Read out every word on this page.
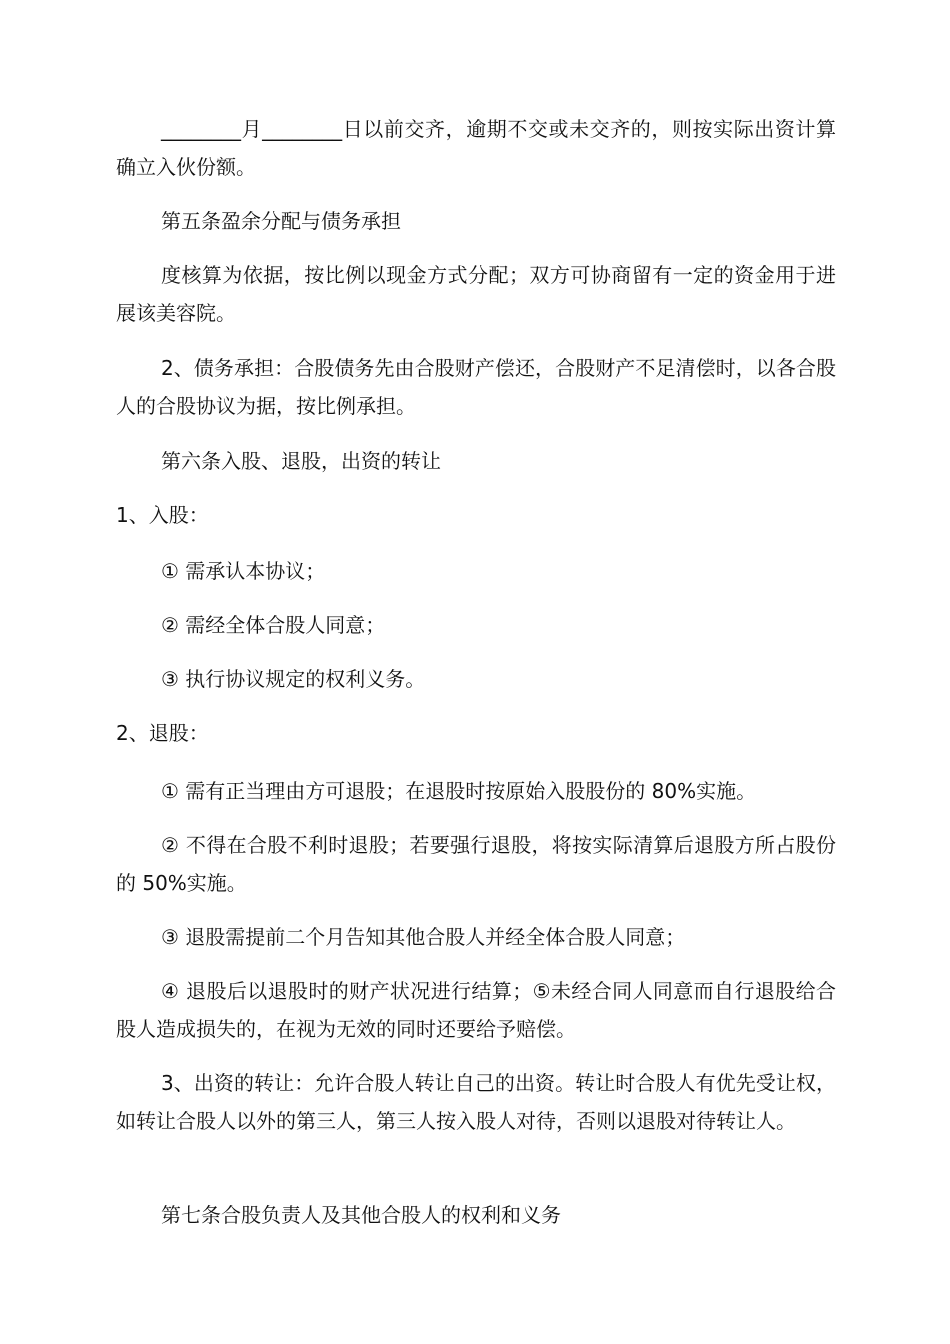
________月________日以前交齐，逾期不交或未交齐的，则按实际出资计算确立入伙份额。
第五条盈余分配与债务承担
度核算为依据，按比例以现金方式分配；双方可协商留有一定的资金用于进展该美容院。
2、债务承担：合股债务先由合股财产偿还，合股财产不足清偿时，以各合股人的合股协议为据，按比例承担。
第六条入股、退股，出资的转让
1、入股：
① 需承认本协议；
② 需经全体合股人同意；
③ 执行协议规定的权利义务。
2、退股：
① 需有正当理由方可退股；在退股时按原始入股股份的 80%实施。
② 不得在合股不利时退股；若要强行退股，将按实际清算后退股方所占股份的 50%实施。
③ 退股需提前二个月告知其他合股人并经全体合股人同意；
④ 退股后以退股时的财产状况进行结算；⑤未经合同人同意而自行退股给合股人造成损失的，在视为无效的同时还要给予赔偿。
3、出资的转让：允许合股人转让自己的出资。转让时合股人有优先受让权，如转让合股人以外的第三人，第三人按入股人对待，否则以退股对待转让人。
第七条合股负责人及其他合股人的权利和义务
